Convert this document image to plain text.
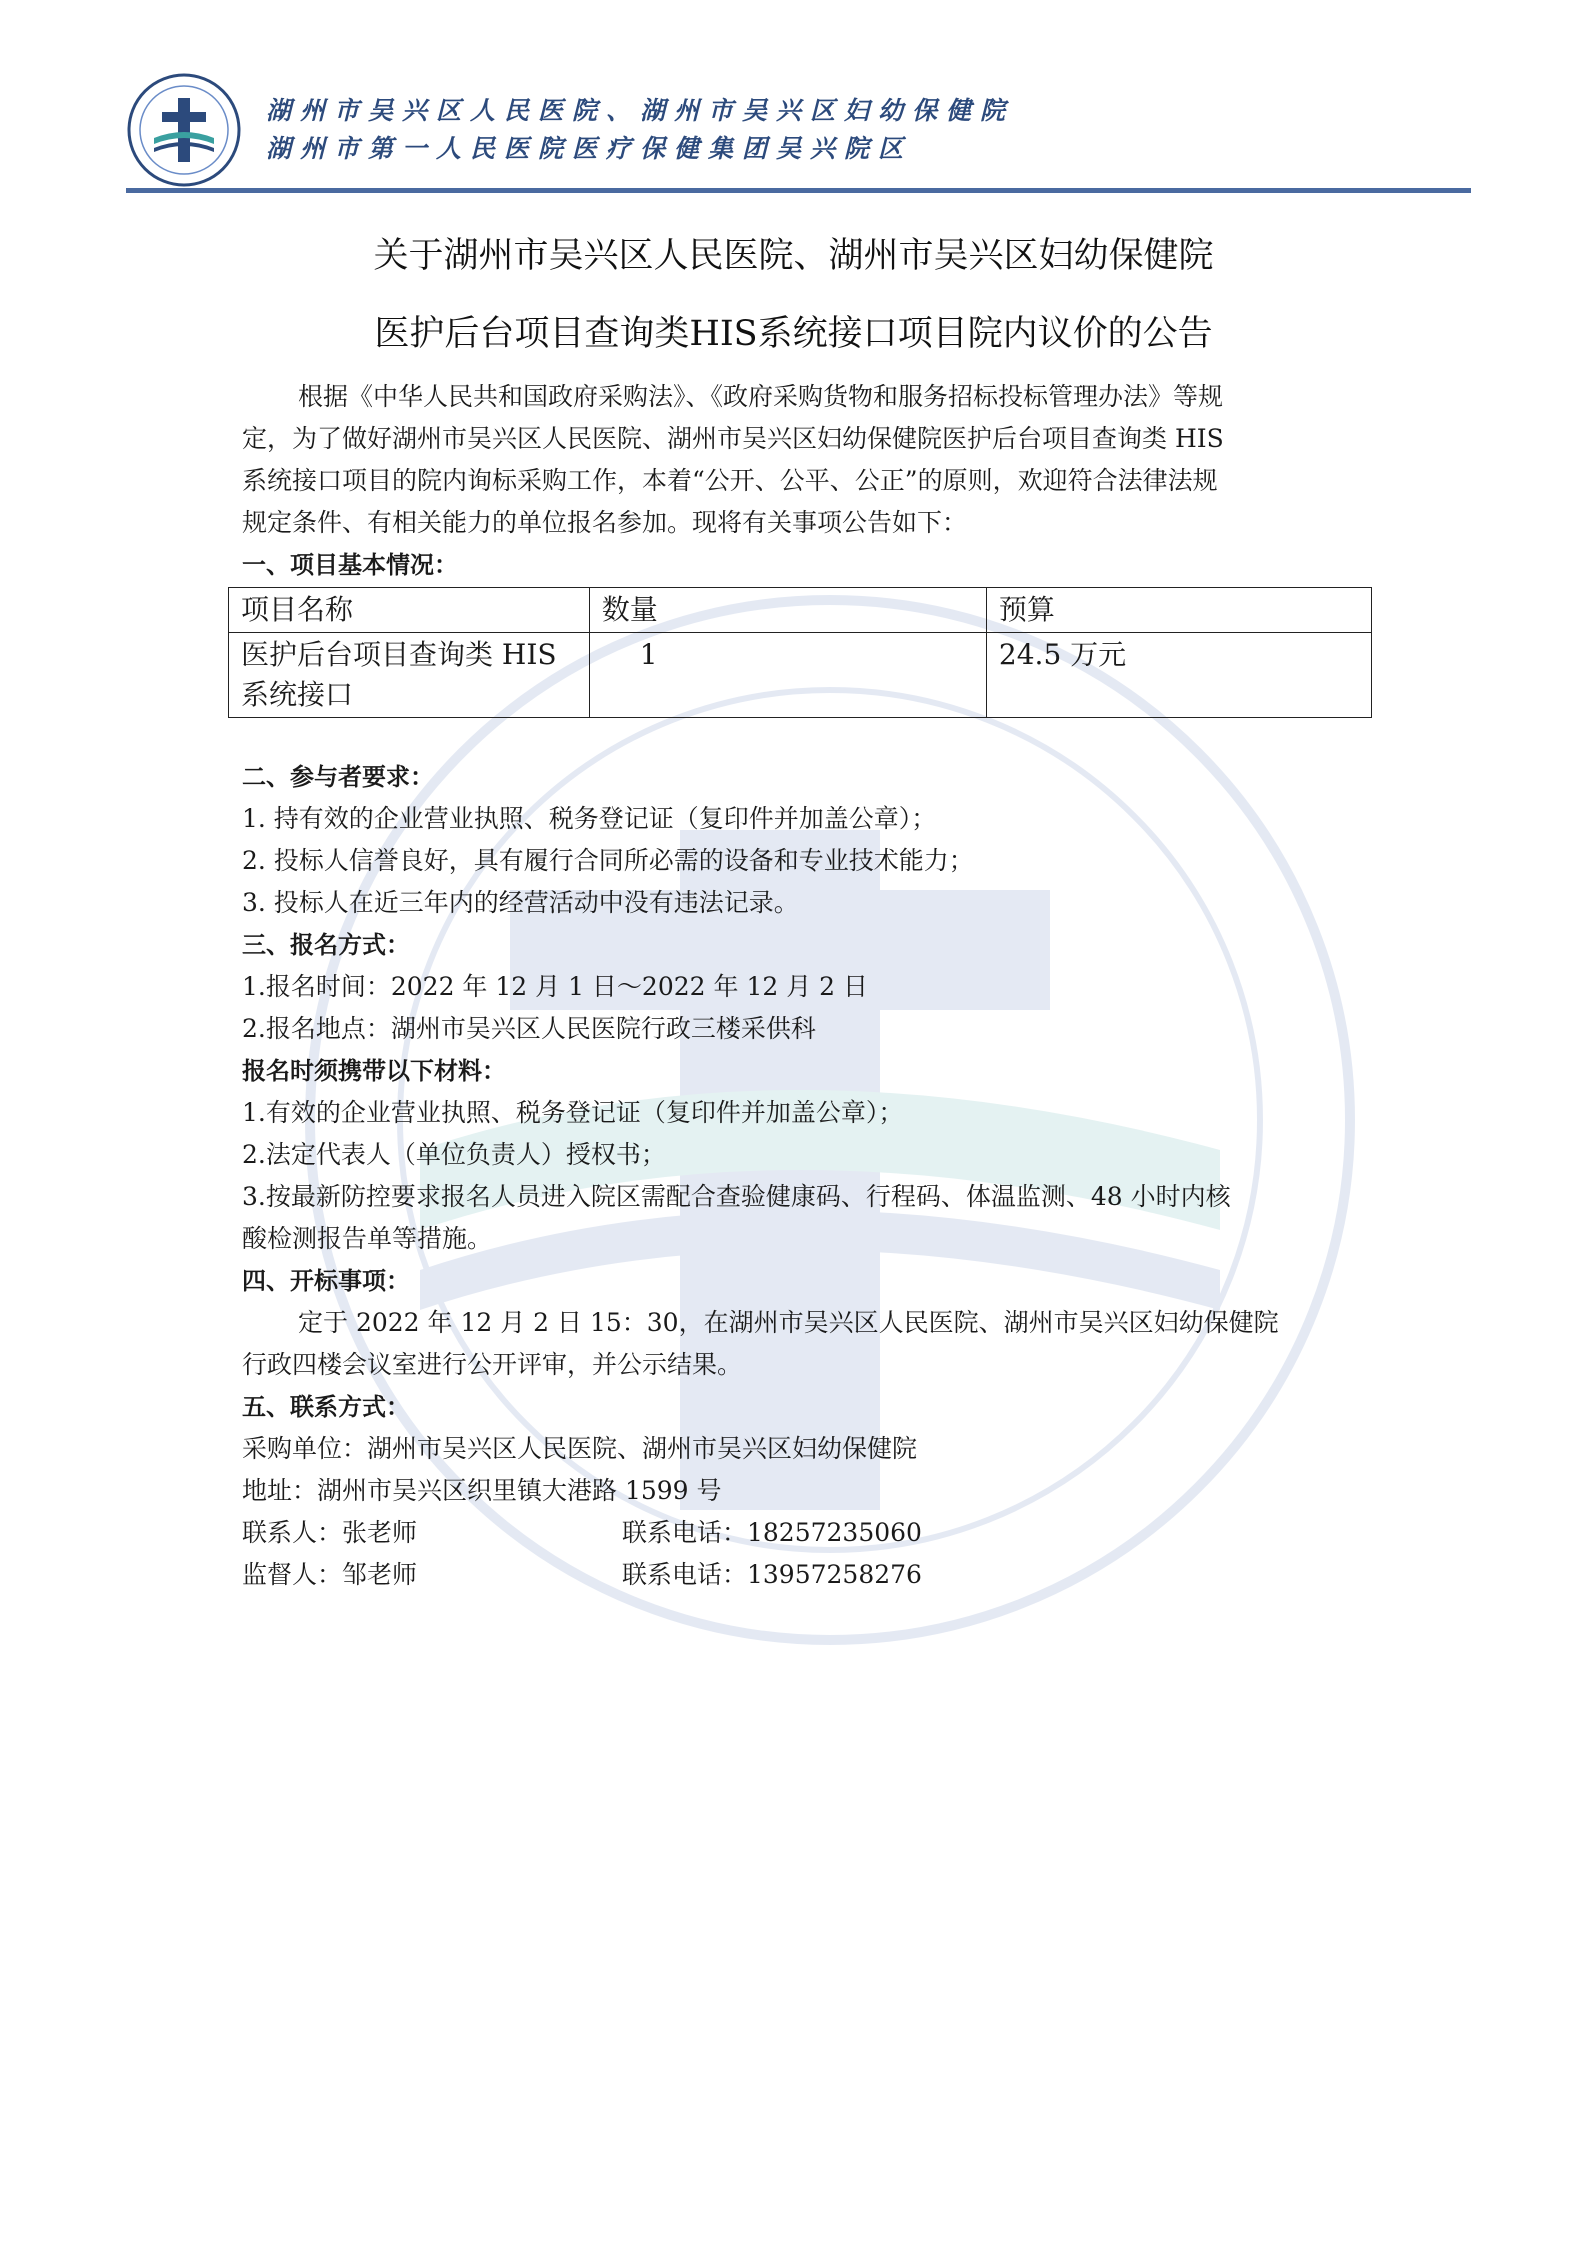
湖州市吴兴区人民医院、湖州市吴兴区妇幼保健院
湖州市第一人民医院医疗保健集团吴兴院区
关于湖州市吴兴区人民医院、湖州市吴兴区妇幼保健院
医护后台项目查询类HIS系统接口项目院内议价的公告

根据《中华人民共和国政府采购法》、《政府采购货物和服务招标投标管理办法》等规

定，为了做好湖州市吴兴区人民医院、湖州市吴兴区妇幼保健院医护后台项目查询类 HIS

系统接口项目的院内询标采购工作，本着“公开、公平、公正”的原则，欢迎符合法律法规

规定条件、有相关能力的单位报名参加。现将有关事项公告如下：

一、项目基本情况：

项目名称	数量	预算

医护后台项目查询类 HIS
系统接口	1	24.5 万元

二、参与者要求：

1. 持有效的企业营业执照、税务登记证（复印件并加盖公章）；

2. 投标人信誉良好，具有履行合同所必需的设备和专业技术能力；

3. 投标人在近三年内的经营活动中没有违法记录。

三、报名方式：

1.报名时间：2022 年 12 月 1 日～2022 年 12 月 2 日

2.报名地点：湖州市吴兴区人民医院行政三楼采供科

报名时须携带以下材料：

1.有效的企业营业执照、税务登记证（复印件并加盖公章）；

2.法定代表人（单位负责人）授权书；

3.按最新防控要求报名人员进入院区需配合查验健康码、行程码、体温监测、48 小时内核

酸检测报告单等措施。

四、开标事项：

定于 2022 年 12 月 2 日 15：30，在湖州市吴兴区人民医院、湖州市吴兴区妇幼保健院

行政四楼会议室进行公开评审，并公示结果。

五、联系方式：

采购单位：湖州市吴兴区人民医院、湖州市吴兴区妇幼保健院

地址：湖州市吴兴区织里镇大港路 1599 号

联系人：张老师	联系电话：18257235060
监督人：邹老师	联系电话：13957258276
